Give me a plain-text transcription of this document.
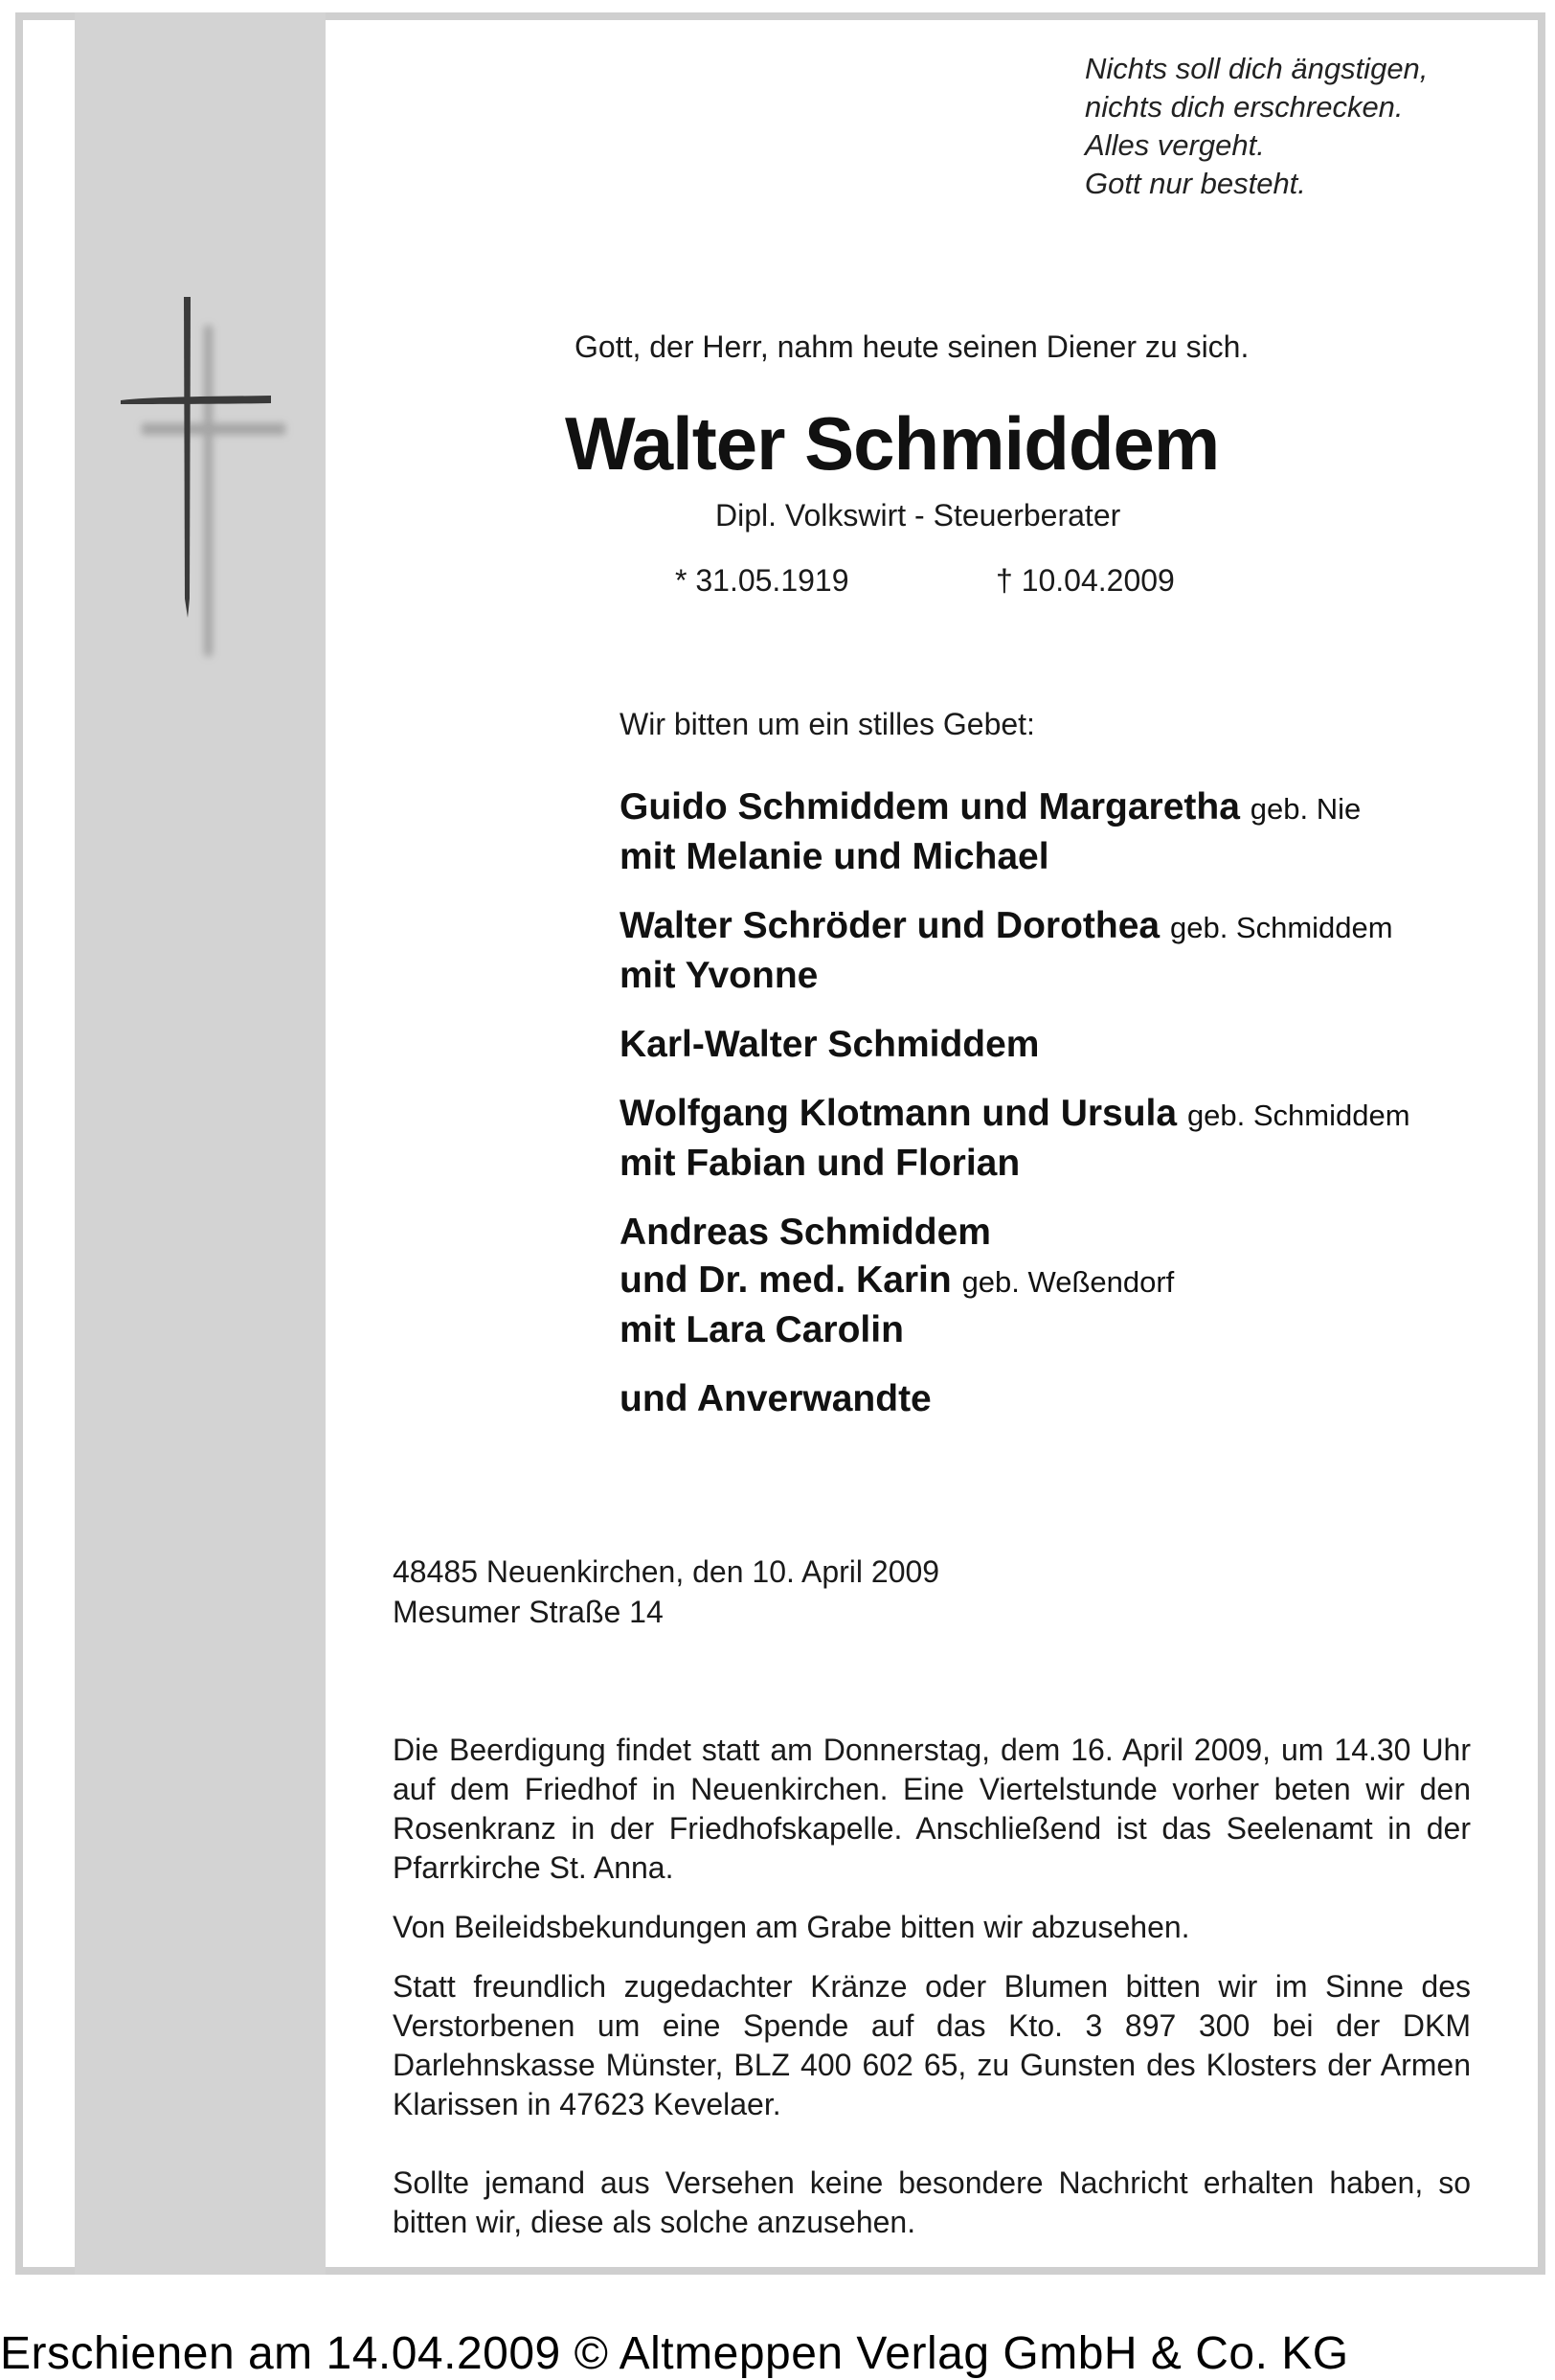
Nichts soll dich ängstigen,
nichts dich erschrecken.
Alles vergeht.
Gott nur besteht.
Gott, der Herr, nahm heute seinen Diener zu sich.
Walter Schmiddem
Dipl. Volkswirt - Steuerberater
* 31.05.1919	† 10.04.2009
Wir bitten um ein stilles Gebet:
Guido Schmiddem und Margaretha geb. Nie
mit Melanie und Michael
Walter Schröder und Dorothea geb. Schmiddem
mit Yvonne
Karl-Walter Schmiddem
Wolfgang Klotmann und Ursula geb. Schmiddem
mit Fabian und Florian
Andreas Schmiddem
und Dr. med. Karin geb. Weßendorf
mit Lara Carolin
und Anverwandte
48485 Neuenkirchen, den 10. April 2009
Mesumer Straße 14

Die Beerdigung findet statt am Donnerstag, dem 16. April 2009, um 14.30 Uhr auf dem Friedhof in Neuenkirchen. Eine Viertelstunde vorher beten wir den Rosenkranz in der Friedhofskapelle. Anschließend ist das Seelenamt in der Pfarrkirche St. Anna.

Von Beileidsbekundungen am Grabe bitten wir abzusehen.

Statt freundlich zugedachter Kränze oder Blumen bitten wir im Sinne des Verstorbenen um eine Spende auf das Kto. 3 897 300 bei der DKM Darlehnskasse Münster, BLZ 400 602 65, zu Gunsten des Klosters der Armen Klarissen in 47623 Kevelaer.

Sollte jemand aus Versehen keine besondere Nachricht erhalten haben, so bitten wir, diese als solche anzusehen.

Erschienen am 14.04.2009 © Altmeppen Verlag GmbH & Co. KG
